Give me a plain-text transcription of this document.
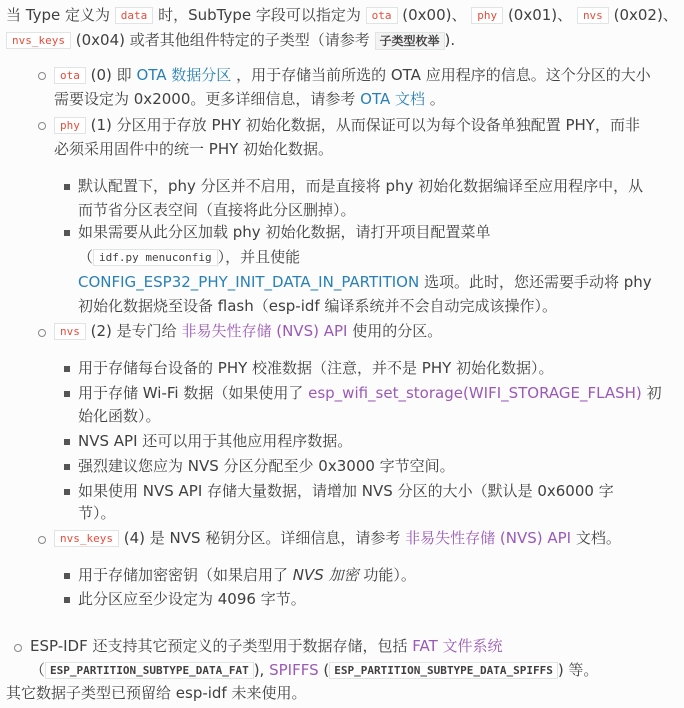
当 Type 定义为 data 时，SubType 字段可以指定为 ota (0x00)、 phy (0x01)、 nvs (0x02)、
nvs_keys (0x04) 或者其他组件特定的子类型（请参考 子类型枚举 ).
ota (0) 即 OTA 数据分区 ，用于存储当前所选的 OTA 应用程序的信息。这个分区的大小
需要设定为 0x2000。更多详细信息，请参考 OTA 文档 。
phy (1) 分区用于存放 PHY 初始化数据，从而保证可以为每个设备单独配置 PHY，而非
必须采用固件中的统一 PHY 初始化数据。
默认配置下，phy 分区并不启用，而是直接将 phy 初始化数据编译至应用程序中，从
而节省分区表空间（直接将此分区删掉）。
如果需要从此分区加载 phy 初始化数据，请打开项目配置菜单
（ idf.py menuconfig ），并且使能
CONFIG_ESP32_PHY_INIT_DATA_IN_PARTITION 选项。此时，您还需要手动将 phy
初始化数据烧至设备 flash（esp-idf 编译系统并不会自动完成该操作）。
nvs (2) 是专门给 非易失性存储 (NVS) API 使用的分区。
用于存储每台设备的 PHY 校准数据（注意，并不是 PHY 初始化数据）。
用于存储 Wi-Fi 数据（如果使用了 esp_wifi_set_storage(WIFI_STORAGE_FLASH) 初
始化函数）。
NVS API 还可以用于其他应用程序数据。
强烈建议您应为 NVS 分区分配至少 0x3000 字节空间。
如果使用 NVS API 存储大量数据，请增加 NVS 分区的大小（默认是 0x6000 字
节）。
nvs_keys (4) 是 NVS 秘钥分区。详细信息，请参考 非易失性存储 (NVS) API 文档。
用于存储加密密钥（如果启用了 NVS 加密 功能）。
此分区应至少设定为 4096 字节。
ESP-IDF 还支持其它预定义的子类型用于数据存储，包括 FAT 文件系统
（ ESP_PARTITION_SUBTYPE_DATA_FAT ), SPIFFS ( ESP_PARTITION_SUBTYPE_DATA_SPIFFS ) 等。
其它数据子类型已预留给 esp-idf 未来使用。
